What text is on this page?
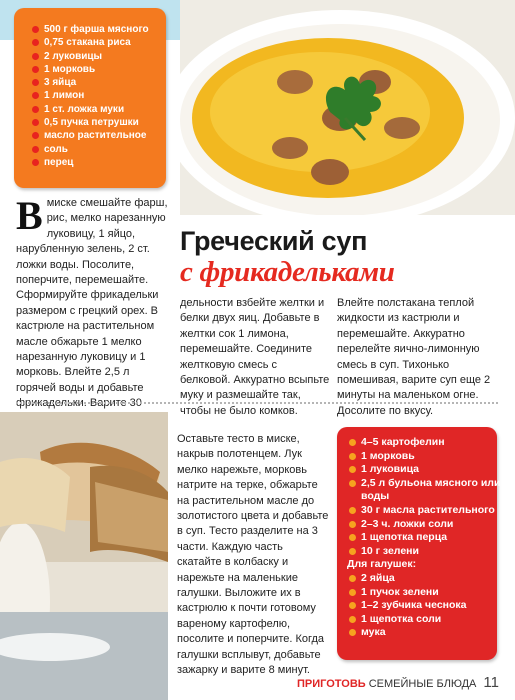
500 г фарша мясного
0,75 стакана риса
2 луковицы
1 морковь
3 яйца
1 лимон
1 ст. ложка муки
0,5 пучка петрушки
масло растительное
соль
перец
Греческий суп
с фрикадельками
В миске смешайте фарш, рис, мелко нарезанную луковицу, 1 яйцо, нарубленную зелень, 2 ст. ложки воды. Посолите, поперчите, перемешайте. Сформируйте фрикадельки размером с грецкий орех. В кастрюле на растительном масле обжарьте 1 мелко нарезанную луковицу и 1 морковь. Влейте 2,5 л горячей воды и добавьте фрикадельки. Варите 30
дельности взбейте желтки и белки двух яиц. Добавьте в желтки сок 1 лимона, перемешайте. Соедините желтковую смесь с белковой. Аккуратно всыпьте муку и размешайте так, чтобы не было комков.
Влейте полстакана теплой жидкости из кастрюли и перемешайте. Аккуратно перелейте яично-лимонную смесь в суп. Тихонько помешивая, варите суп еще 2 минуты на маленьком огне. Досолите по вкусу.
Оставьте тесто в миске, накрыв полотенцем. Лук мелко нарежьте, морковь натрите на терке, обжарьте на растительном масле до золотистого цвета и добавьте в суп. Тесто разделите на 3 части. Каждую часть скатайте в колбаску и нарежьте на маленькие галушки. Выложите их в кастрюлю к почти готовому вареному картофелю, посолите и поперчите. Когда галушки всплывут, добавьте зажарку и варите 8 минут.
4–5 картофелин
1 морковь
1 луковица
2,5 л бульона мясного или воды
30 г масла растительного
2–3 ч. ложки соли
1 щепотка перца
10 г зелени
Для галушек:
2 яйца
1 пучок зелени
1–2 зубчика чеснока
1 щепотка соли
мука
ПРИГОТОВЬ СЕМЕЙНЫЕ БЛЮДА 11
